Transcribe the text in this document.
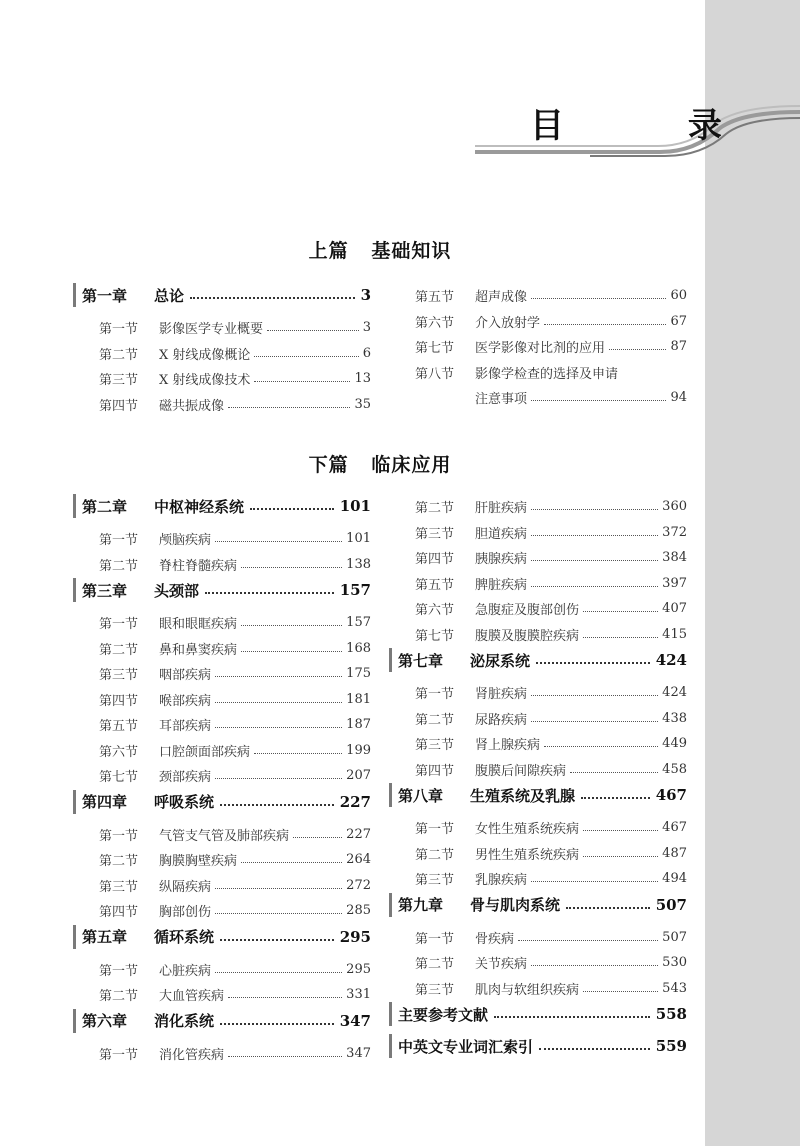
目 录
上篇   基础知识
下篇   临床应用
第一章	总论	3
第一节	影像医学专业概要	3
第二节	X 射线成像概论	6
第三节	X 射线成像技术	13
第四节	磁共振成像	35
第五节	超声成像	60
第六节	介入放射学	67
第七节	医学影像对比剂的应用	87
第八节	影像学检查的选择及申请
注意事项	94
第二章	中枢神经系统	101
第一节	颅脑疾病	101
第二节	脊柱脊髓疾病	138
第三章	头颈部	157
第一节	眼和眼眶疾病	157
第二节	鼻和鼻窦疾病	168
第三节	咽部疾病	175
第四节	喉部疾病	181
第五节	耳部疾病	187
第六节	口腔颌面部疾病	199
第七节	颈部疾病	207
第四章	呼吸系统	227
第一节	气管支气管及肺部疾病	227
第二节	胸膜胸壁疾病	264
第三节	纵隔疾病	272
第四节	胸部创伤	285
第五章	循环系统	295
第一节	心脏疾病	295
第二节	大血管疾病	331
第六章	消化系统	347
第一节	消化管疾病	347
第二节	肝脏疾病	360
第三节	胆道疾病	372
第四节	胰腺疾病	384
第五节	脾脏疾病	397
第六节	急腹症及腹部创伤	407
第七节	腹膜及腹膜腔疾病	415
第七章	泌尿系统	424
第一节	肾脏疾病	424
第二节	尿路疾病	438
第三节	肾上腺疾病	449
第四节	腹膜后间隙疾病	458
第八章	生殖系统及乳腺	467
第一节	女性生殖系统疾病	467
第二节	男性生殖系统疾病	487
第三节	乳腺疾病	494
第九章	骨与肌肉系统	507
第一节	骨疾病	507
第二节	关节疾病	530
第三节	肌肉与软组织疾病	543
主要参考文献	558
中英文专业词汇索引	559
